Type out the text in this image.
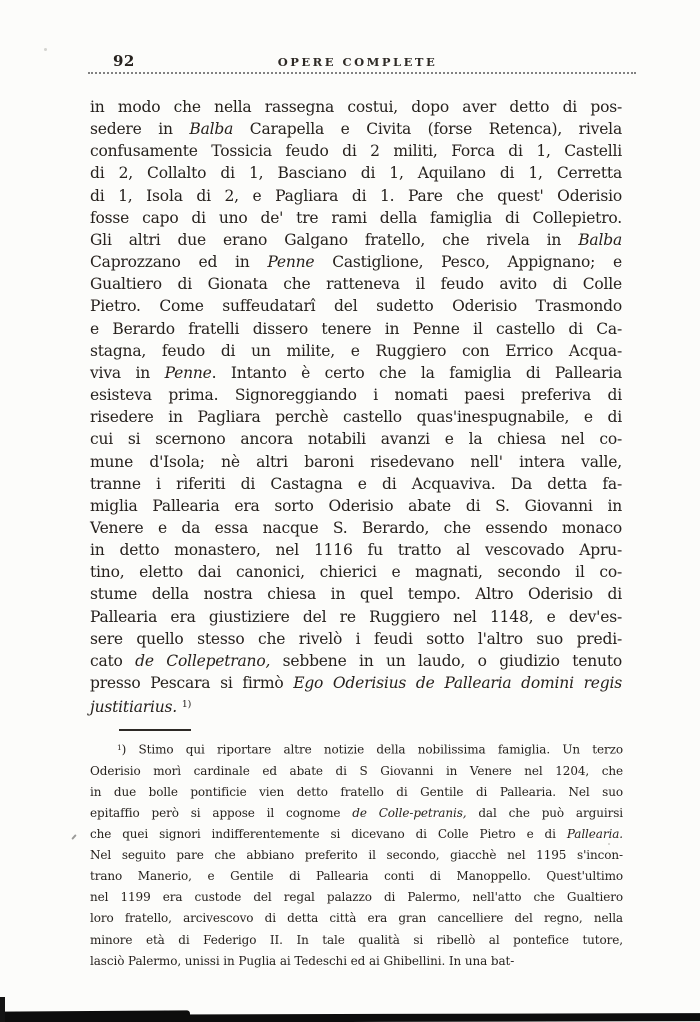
92	OPERE COMPLETE
in modo che nella rassegna costui, dopo aver detto di pos-
sedere in Balba Carapella e Civita (forse Retenca), rivela
confusamente Tossicia feudo di 2 militi, Forca di 1, Castelli
di 2, Collalto di 1, Basciano di 1, Aquilano di 1, Cerretta
di 1, Isola di 2, e Pagliara di 1. Pare che quest' Oderisio
fosse capo di uno de' tre rami della famiglia di Collepietro.
Gli altri due erano Galgano fratello, che rivela in Balba
Caprozzano ed in Penne Castiglione, Pesco, Appignano; e
Gualtiero di Gionata che ratteneva il feudo avito di Colle
Pietro. Come suffeudatarî del sudetto Oderisio Trasmondo
e Berardo fratelli dissero tenere in Penne il castello di Ca-
stagna, feudo di un milite, e Ruggiero con Errico Acqua-
viva in Penne. Intanto è certo che la famiglia di Pallearia
esisteva prima. Signoreggiando i nomati paesi preferiva di
risedere in Pagliara perchè castello quas'inespugnabile, e di
cui si scernono ancora notabili avanzi e la chiesa nel co-
mune d'Isola; nè altri baroni risedevano nell' intera valle,
tranne i riferiti di Castagna e di Acquaviva. Da detta fa-
miglia Pallearia era sorto Oderisio abate di S. Giovanni in
Venere e da essa nacque S. Berardo, che essendo monaco
in detto monastero, nel 1116 fu tratto al vescovado Apru-
tino, eletto dai canonici, chierici e magnati, secondo il co-
stume della nostra chiesa in quel tempo. Altro Oderisio di
Pallearia era giustiziere del re Ruggiero nel 1148, e dev'es-
sere quello stesso che rivelò i feudi sotto l'altro suo predi-
cato de Collepetrano, sebbene in un laudo, o giudizio tenuto
presso Pescara si firmò Ego Oderisius de Pallearia domini regis
justitiarius. $^{1)}$
$^1$) Stimo qui riportare altre notizie della nobilissima famiglia. Un terzo
Oderisio morì cardinale ed abate di S Giovanni in Venere nel 1204, che
in due bolle pontificie vien detto fratello di Gentile di Pallearia. Nel suo
epitaffio però si appose il cognome de Colle-petranis, dal che può arguirsi
che quei signori indifferentemente si dicevano di Colle Pietro e di Pallearia.
Nel seguito pare che abbiano preferito il secondo, giacchè nel 1195 s'incon-
trano Manerio, e Gentile di Pallearia conti di Manoppello. Quest'ultimo
nel 1199 era custode del regal palazzo di Palermo, nell'atto che Gualtiero
loro fratello, arcivescovo di detta città era gran cancelliere del regno, nella
minore età di Federigo II. In tale qualità si ribellò al pontefice tutore,
lasciò Palermo, unissi in Puglia ai Tedeschi ed ai Ghibellini. In una bat-
